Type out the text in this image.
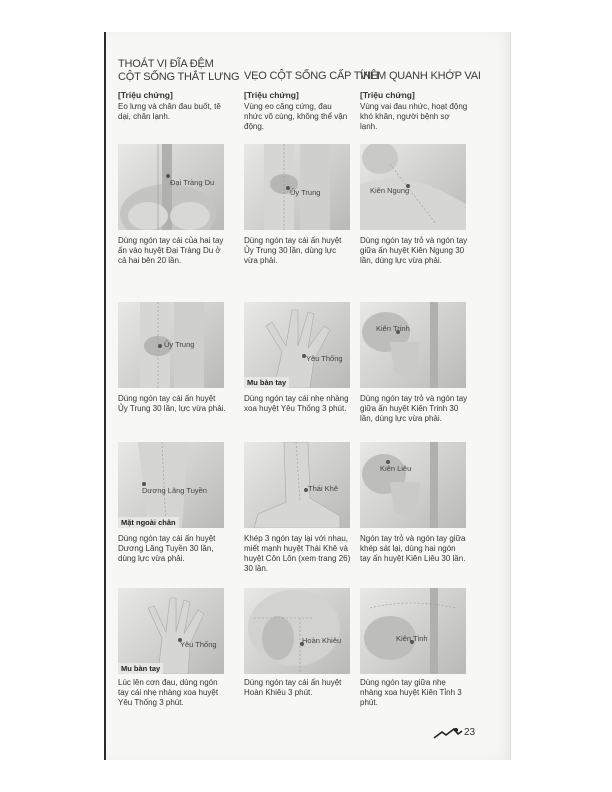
THOÁT VỊ ĐĨA ĐỆM
CỘT SỐNG THẮT LƯNG
[Triệu chứng]
Eo lưng và chân đau buốt, tê dại, chân lạnh.
Đại Tràng Du
Dùng ngón tay cái của hai tay ấn vào huyệt Đại Tràng Du ở cả hai bên 20 lần.
Ủy Trung
Dùng ngón tay cái ấn huyệt Ủy Trung 30 lần, lực vừa phải.
Dương Lăng Tuyền
Mặt ngoài chân
Dùng ngón tay cái ấn huyệt Dương Lăng Tuyền 30 lần, dùng lực vừa phải.
Yêu Thống
Mu bàn tay
Lúc lên cơn đau, dùng ngón tay cái nhẹ nhàng xoa huyệt Yêu Thống 3 phút.
VẸO CỘT SỐNG CẤP TÍNH
[Triệu chứng]
Vùng eo căng cứng, đau nhức vô cùng, không thể vận động.
Ủy Trung
Dùng ngón tay cái ấn huyệt Ủy Trung 30 lần, dùng lực vừa phải.
Yêu Thống
Mu bàn tay
Dùng ngón tay cái nhẹ nhàng xoa huyệt Yêu Thống 3 phút.
Thái Khê
Khép 3 ngón tay lại với nhau, miết mạnh huyệt Thái Khê và huyệt Côn Lôn (xem trang 26) 30 lần.
Hoàn Khiêu
Dùng ngón tay cái ấn huyệt Hoàn Khiêu 3 phút.
VIÊM QUANH KHỚP VAI
[Triệu chứng]
Vùng vai đau nhức, hoạt động khó khăn, người bệnh sợ lạnh.
Kiên Ngung
Dùng ngón tay trỏ và ngón tay giữa ấn huyệt Kiên Ngung 30 lần, dùng lực vừa phải.
Kiên Trinh
Dùng ngón tay trỏ và ngón tay giữa ấn huyệt Kiên Trinh 30 lần, dùng lực vừa phải.
Kiên Liêu
Ngón tay trỏ và ngón tay giữa khép sát lại, dùng hai ngón tay ấn huyệt Kiên Liêu 30 lần.
Kiên Tỉnh
Dùng ngón tay giữa nhẹ nhàng xoa huyệt Kiên Tỉnh 3 phút.
23
